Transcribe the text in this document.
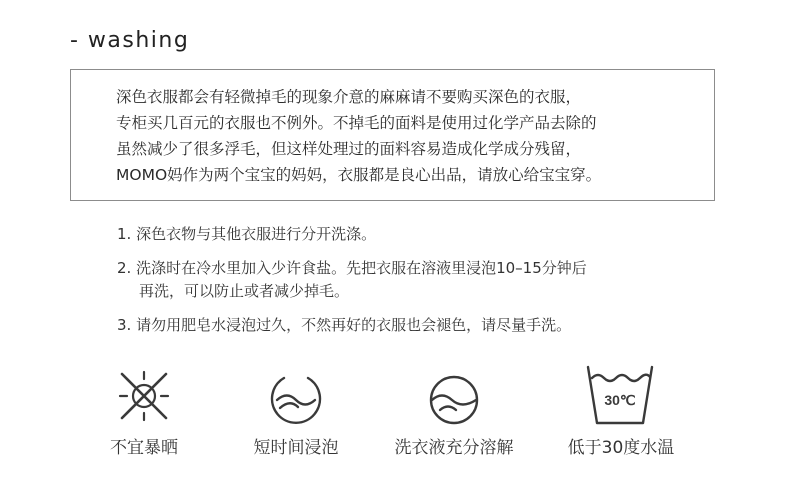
- washing
深色衣服都会有轻微掉毛的现象介意的麻麻请不要购买深色的衣服，
专柜买几百元的衣服也不例外。不掉毛的面料是使用过化学产品去除的
虽然减少了很多浮毛，但这样处理过的面料容易造成化学成分残留，
MOMO妈作为两个宝宝的妈妈，衣服都是良心出品，请放心给宝宝穿。
1. 深色衣物与其他衣服进行分开洗涤。
2. 洗涤时在冷水里加入少许食盐。先把衣服在溶液里浸泡10–15分钟后
再洗，可以防止或者减少掉毛。
3. 请勿用肥皂水浸泡过久，不然再好的衣服也会褪色，请尽量手洗。
不宜暴晒	短时间浸泡	洗衣液充分溶解
30℃
低于30度水温
